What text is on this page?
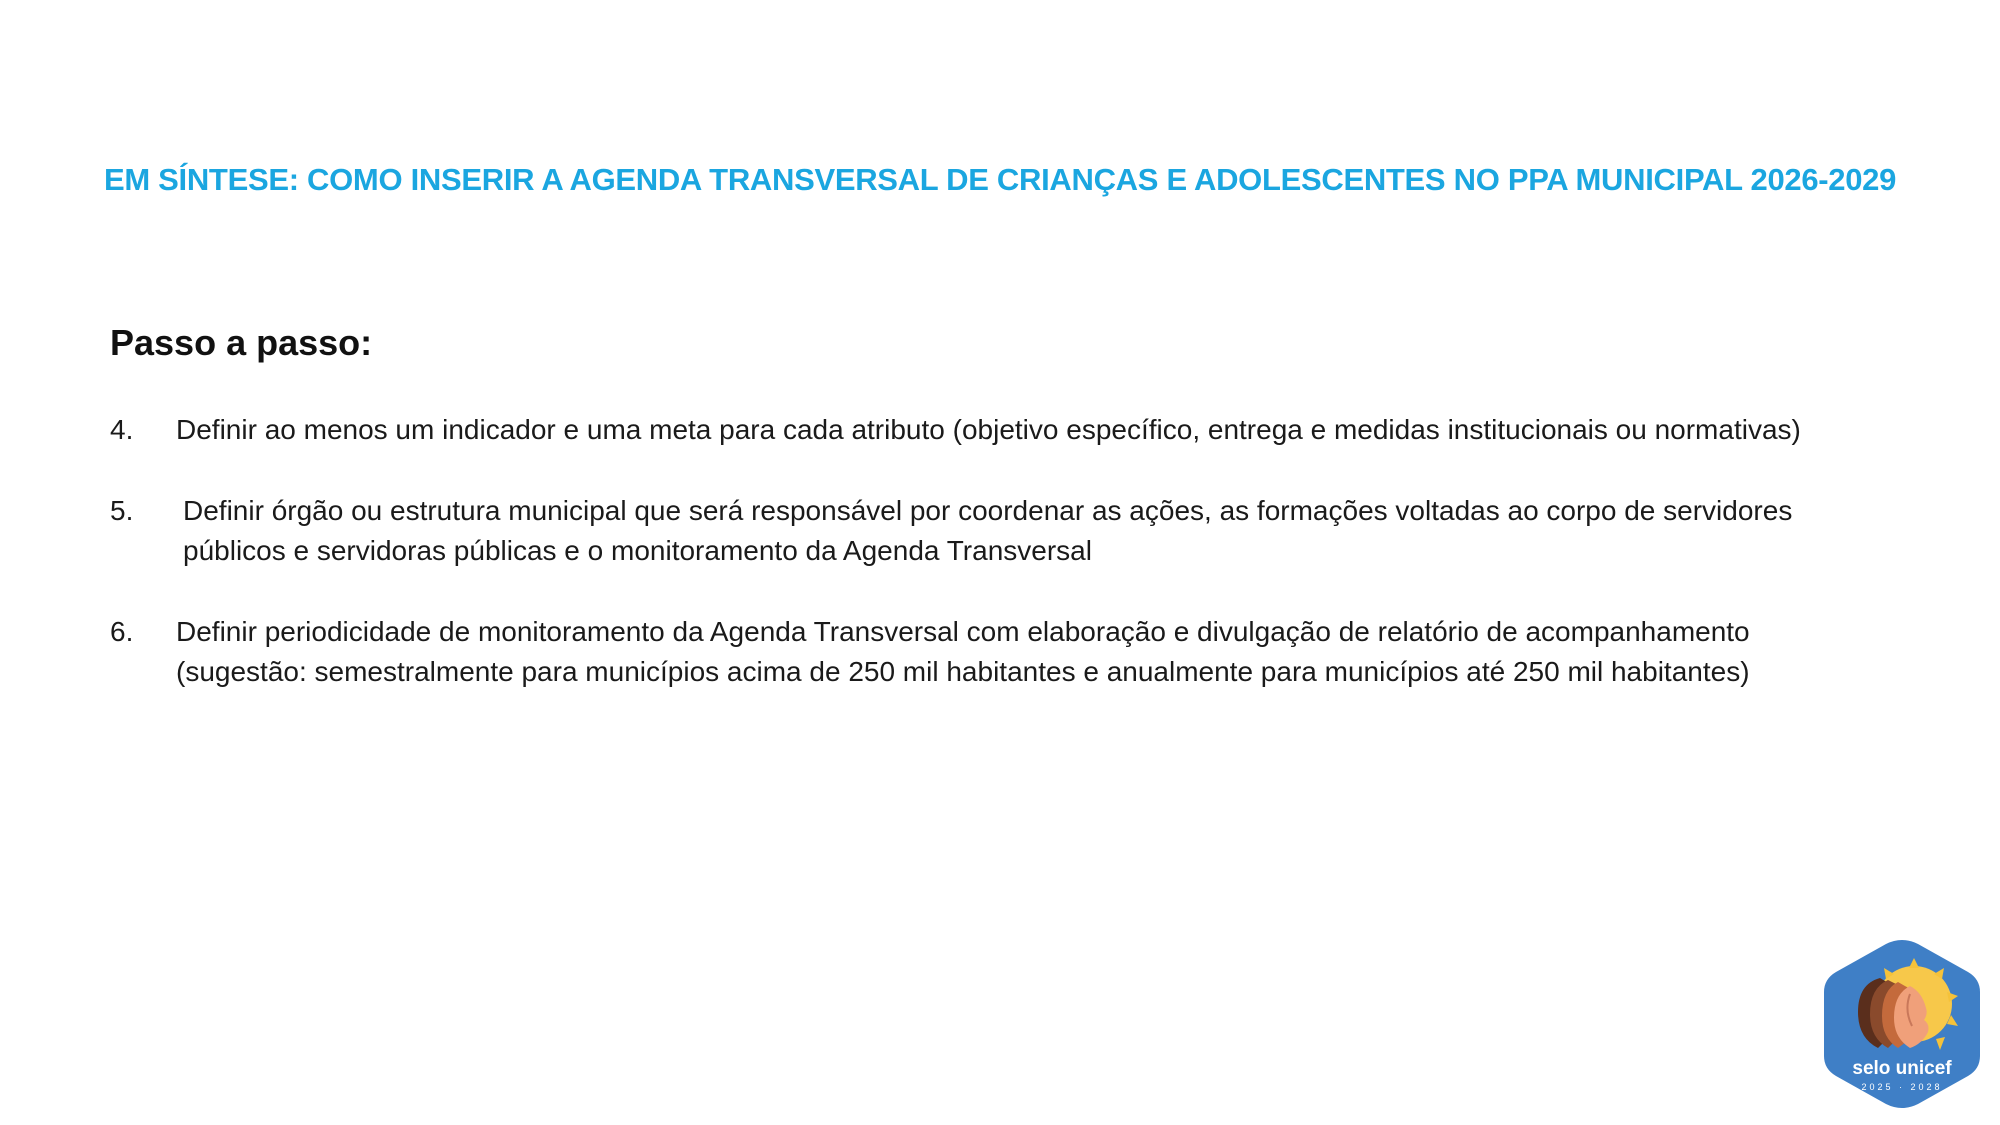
EM SÍNTESE: COMO INSERIR A AGENDA TRANSVERSAL DE CRIANÇAS E ADOLESCENTES NO PPA MUNICIPAL 2026-2029
Passo a passo:
4.	Definir ao menos um indicador e uma meta para cada atributo (objetivo específico, entrega e medidas institucionais ou normativas)
5.	Definir órgão ou estrutura municipal que será responsável por coordenar as ações, as formações voltadas ao corpo de servidores públicos e servidoras públicas e o monitoramento da Agenda Transversal
6.	Definir periodicidade de monitoramento da Agenda Transversal com elaboração e divulgação de relatório de acompanhamento (sugestão: semestralmente para municípios acima de 250 mil habitantes e anualmente para municípios até 250 mil habitantes)
selo unicef
2025 · 2028
